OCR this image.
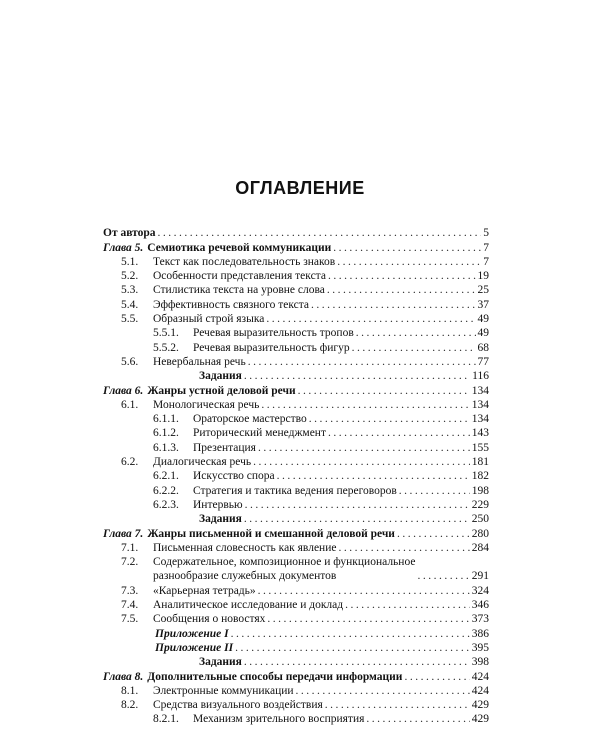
ОГЛАВЛЕНИЕ
От автора .....	5
Глава 5. Семиотика речевой коммуникации .....	7
5.1.	Текст как последовательность знаков .....	7
5.2.	Особенности представления текста .....	19
5.3.	Стилистика текста на уровне слова .....	25
5.4.	Эффективность связного текста .....	37
5.5.	Образный строй языка .....	49
5.5.1.	Речевая выразительность тропов .....	49
5.5.2.	Речевая выразительность фигур .....	68
5.6.	Невербальная речь .....	77
Задания .....	116
Глава 6. Жанры устной деловой речи .....	134
6.1.	Монологическая речь .....	134
6.1.1.	Ораторское мастерство .....	134
6.1.2.	Риторический менеджмент .....	143
6.1.3.	Презентация .....	155
6.2.	Диалогическая речь .....	181
6.2.1.	Искусство спора .....	182
6.2.2.	Стратегия и тактика ведения переговоров .....	198
6.2.3.	Интервью .....	229
Задания .....	250
Глава 7. Жанры письменной и смешанной деловой речи .....	280
7.1.	Письменная словесность как явление .....	284
7.2.	Содержательное, композиционное и функциональное
разнообразие служебных документов .....	291
7.3.	«Карьерная тетрадь» .....	324
7.4.	Аналитическое исследование и доклад .....	346
7.5.	Сообщения о новостях .....	373
Приложение I .....	386
Приложение II .....	395
Задания .....	398
Глава 8. Дополнительные способы передачи информации .....	424
8.1.	Электронные коммуникации .....	424
8.2.	Средства визуального воздействия .....	429
8.2.1.	Механизм зрительного восприятия .....	429
